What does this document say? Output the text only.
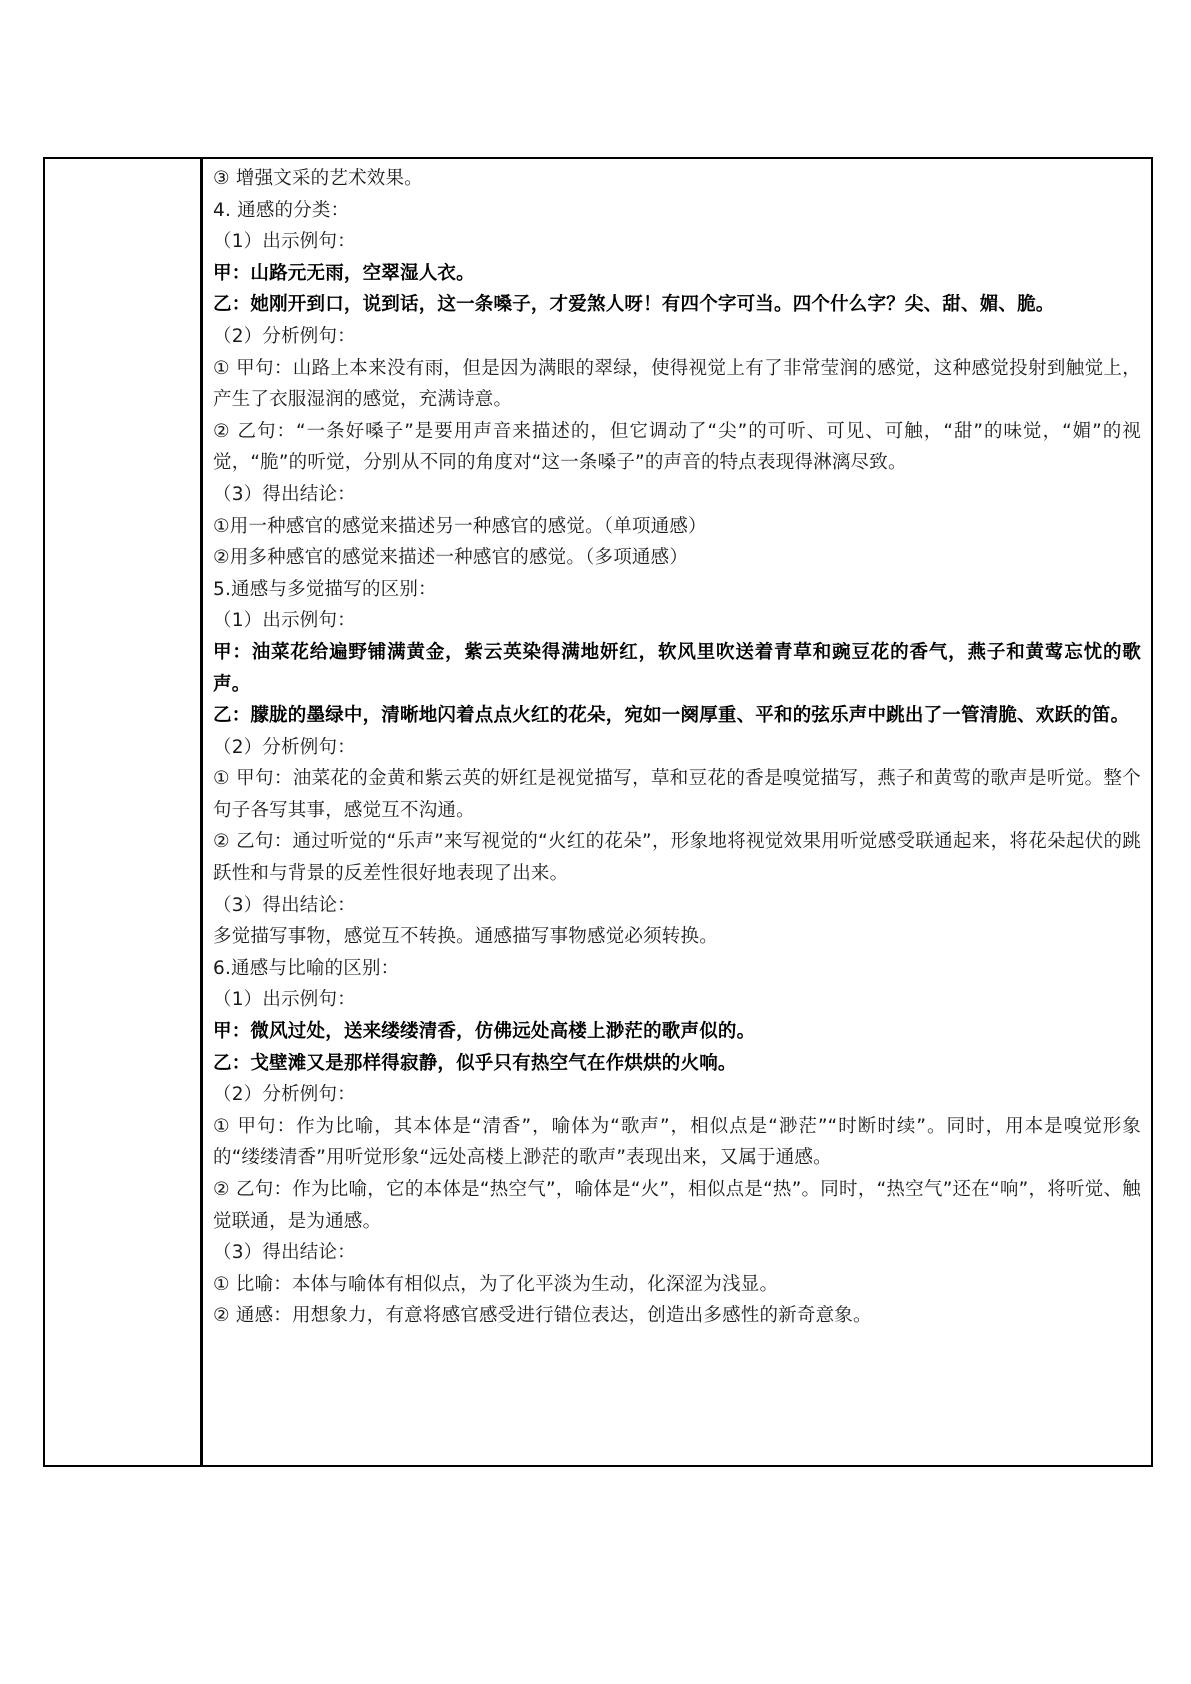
③ 增强文采的艺术效果。
4. 通感的分类：
（1）出示例句：
甲：山路元无雨，空翠湿人衣。
乙：她刚开到口，说到话，这一条嗓子，才爱煞人呀！有四个字可当。四个什么字？尖、甜、媚、脆。
（2）分析例句：
① 甲句：山路上本来没有雨，但是因为满眼的翠绿，使得视觉上有了非常莹润的感觉，这种感觉投射到触觉上，产生了衣服湿润的感觉，充满诗意。
② 乙句：“一条好嗓子”是要用声音来描述的，但它调动了“尖”的可听、可见、可触，“甜”的味觉，“媚”的视觉，“脆”的听觉，分别从不同的角度对“这一条嗓子”的声音的特点表现得淋漓尽致。
（3）得出结论：
①用一种感官的感觉来描述另一种感官的感觉。（单项通感）
②用多种感官的感觉来描述一种感官的感觉。（多项通感）
5.通感与多觉描写的区别：
（1）出示例句：
甲：油菜花给遍野铺满黄金，紫云英染得满地妍红，软风里吹送着青草和豌豆花的香气，燕子和黄莺忘忧的歌声。
乙：朦胧的墨绿中，清晰地闪着点点火红的花朵，宛如一阕厚重、平和的弦乐声中跳出了一管清脆、欢跃的笛。
（2）分析例句：
① 甲句：油菜花的金黄和紫云英的妍红是视觉描写，草和豆花的香是嗅觉描写，燕子和黄莺的歌声是听觉。整个句子各写其事，感觉互不沟通。
② 乙句：通过听觉的“乐声”来写视觉的“火红的花朵”，形象地将视觉效果用听觉感受联通起来，将花朵起伏的跳跃性和与背景的反差性很好地表现了出来。
（3）得出结论：
多觉描写事物，感觉互不转换。通感描写事物感觉必须转换。
6.通感与比喻的区别：
（1）出示例句：
甲：微风过处，送来缕缕清香，仿佛远处高楼上渺茫的歌声似的。
乙：戈壁滩又是那样得寂静，似乎只有热空气在作烘烘的火响。
（2）分析例句：
① 甲句：作为比喻，其本体是“清香”，喻体为“歌声”，相似点是“渺茫”“时断时续”。同时，用本是嗅觉形象的“缕缕清香”用听觉形象“远处高楼上渺茫的歌声”表现出来，又属于通感。
② 乙句：作为比喻，它的本体是“热空气”，喻体是“火”，相似点是“热”。同时，“热空气”还在“响”，将听觉、触觉联通，是为通感。
（3）得出结论：
① 比喻：本体与喻体有相似点，为了化平淡为生动，化深涩为浅显。
② 通感：用想象力，有意将感官感受进行错位表达，创造出多感性的新奇意象。
